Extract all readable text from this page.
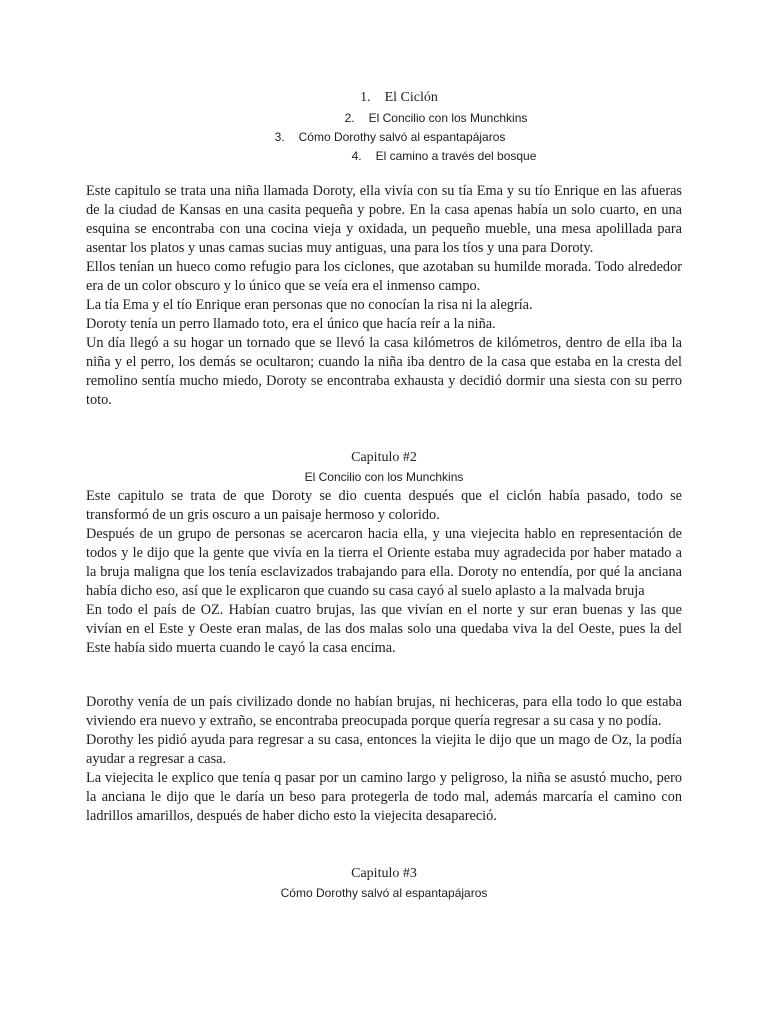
1. El Ciclón
2. El Concilio con los Munchkins
3. Cómo Dorothy salvó al espantapájaros
4. El camino a través del bosque

Este capitulo se trata una niña llamada Doroty, ella vivía con su tía Ema y su tío Enrique en las afueras de la ciudad de Kansas en una casita pequeña y pobre. En la casa apenas había un solo cuarto, en una esquina se encontraba con una cocina vieja y oxidada, un pequeño mueble, una mesa apolillada para asentar los platos y unas camas sucias muy antiguas, una para los tíos y una para Doroty.

Ellos tenían un hueco como refugio para los ciclones, que azotaban su humilde morada. Todo alrededor era de un color obscuro y lo único que se veía era el inmenso campo.

La tía Ema y el tío Enrique eran personas que no conocían la risa ni la alegría.

Doroty tenía un perro llamado toto, era el único que hacía reír a la niña.

Un día llegó a su hogar un tornado que se llevó la casa kilómetros de kilómetros, dentro de ella iba la niña y el perro, los demás se ocultaron; cuando la niña iba dentro de la casa que estaba en la cresta del remolino sentía mucho miedo, Doroty se encontraba exhausta y decidió dormir una siesta con su perro toto.

Capitulo #2
El Concilio con los Munchkins

Este capitulo se trata de que Doroty se dio cuenta después que el ciclón había pasado, todo se transformó de un gris oscuro a un paisaje hermoso y colorido.

Después de un grupo de personas se acercaron hacia ella, y una viejecita hablo en representación de todos y le dijo que la gente que vivía en la tierra el Oriente estaba muy agradecida por haber matado a la bruja maligna que los tenía esclavizados trabajando para ella. Doroty no entendía, por qué la anciana había dicho eso, así que le explicaron que cuando su casa cayó al suelo aplasto a la malvada bruja

En todo el país de OZ. Habían cuatro brujas, las que vivían en el norte y sur eran buenas y las que vivían en el Este y Oeste eran malas, de las dos malas solo una quedaba viva la del Oeste, pues la del Este había sido muerta cuando le cayó la casa encima.

Dorothy venía de un país civilizado donde no habían brujas, ni hechiceras, para ella todo lo que estaba viviendo era nuevo y extraño, se encontraba preocupada porque quería regresar a su casa y no podía.

Dorothy les pidió ayuda para regresar a su casa, entonces la viejita le dijo que un mago de Oz, la podía ayudar a regresar a casa.

La viejecita le explico que tenía q pasar por un camino largo y peligroso, la niña se asustó mucho, pero la anciana le dijo que le daría un beso para protegerla de todo mal, además marcaría el camino con ladrillos amarillos, después de haber dicho esto la viejecita desapareció.

Capitulo #3
Cómo Dorothy salvó al espantapájaros
